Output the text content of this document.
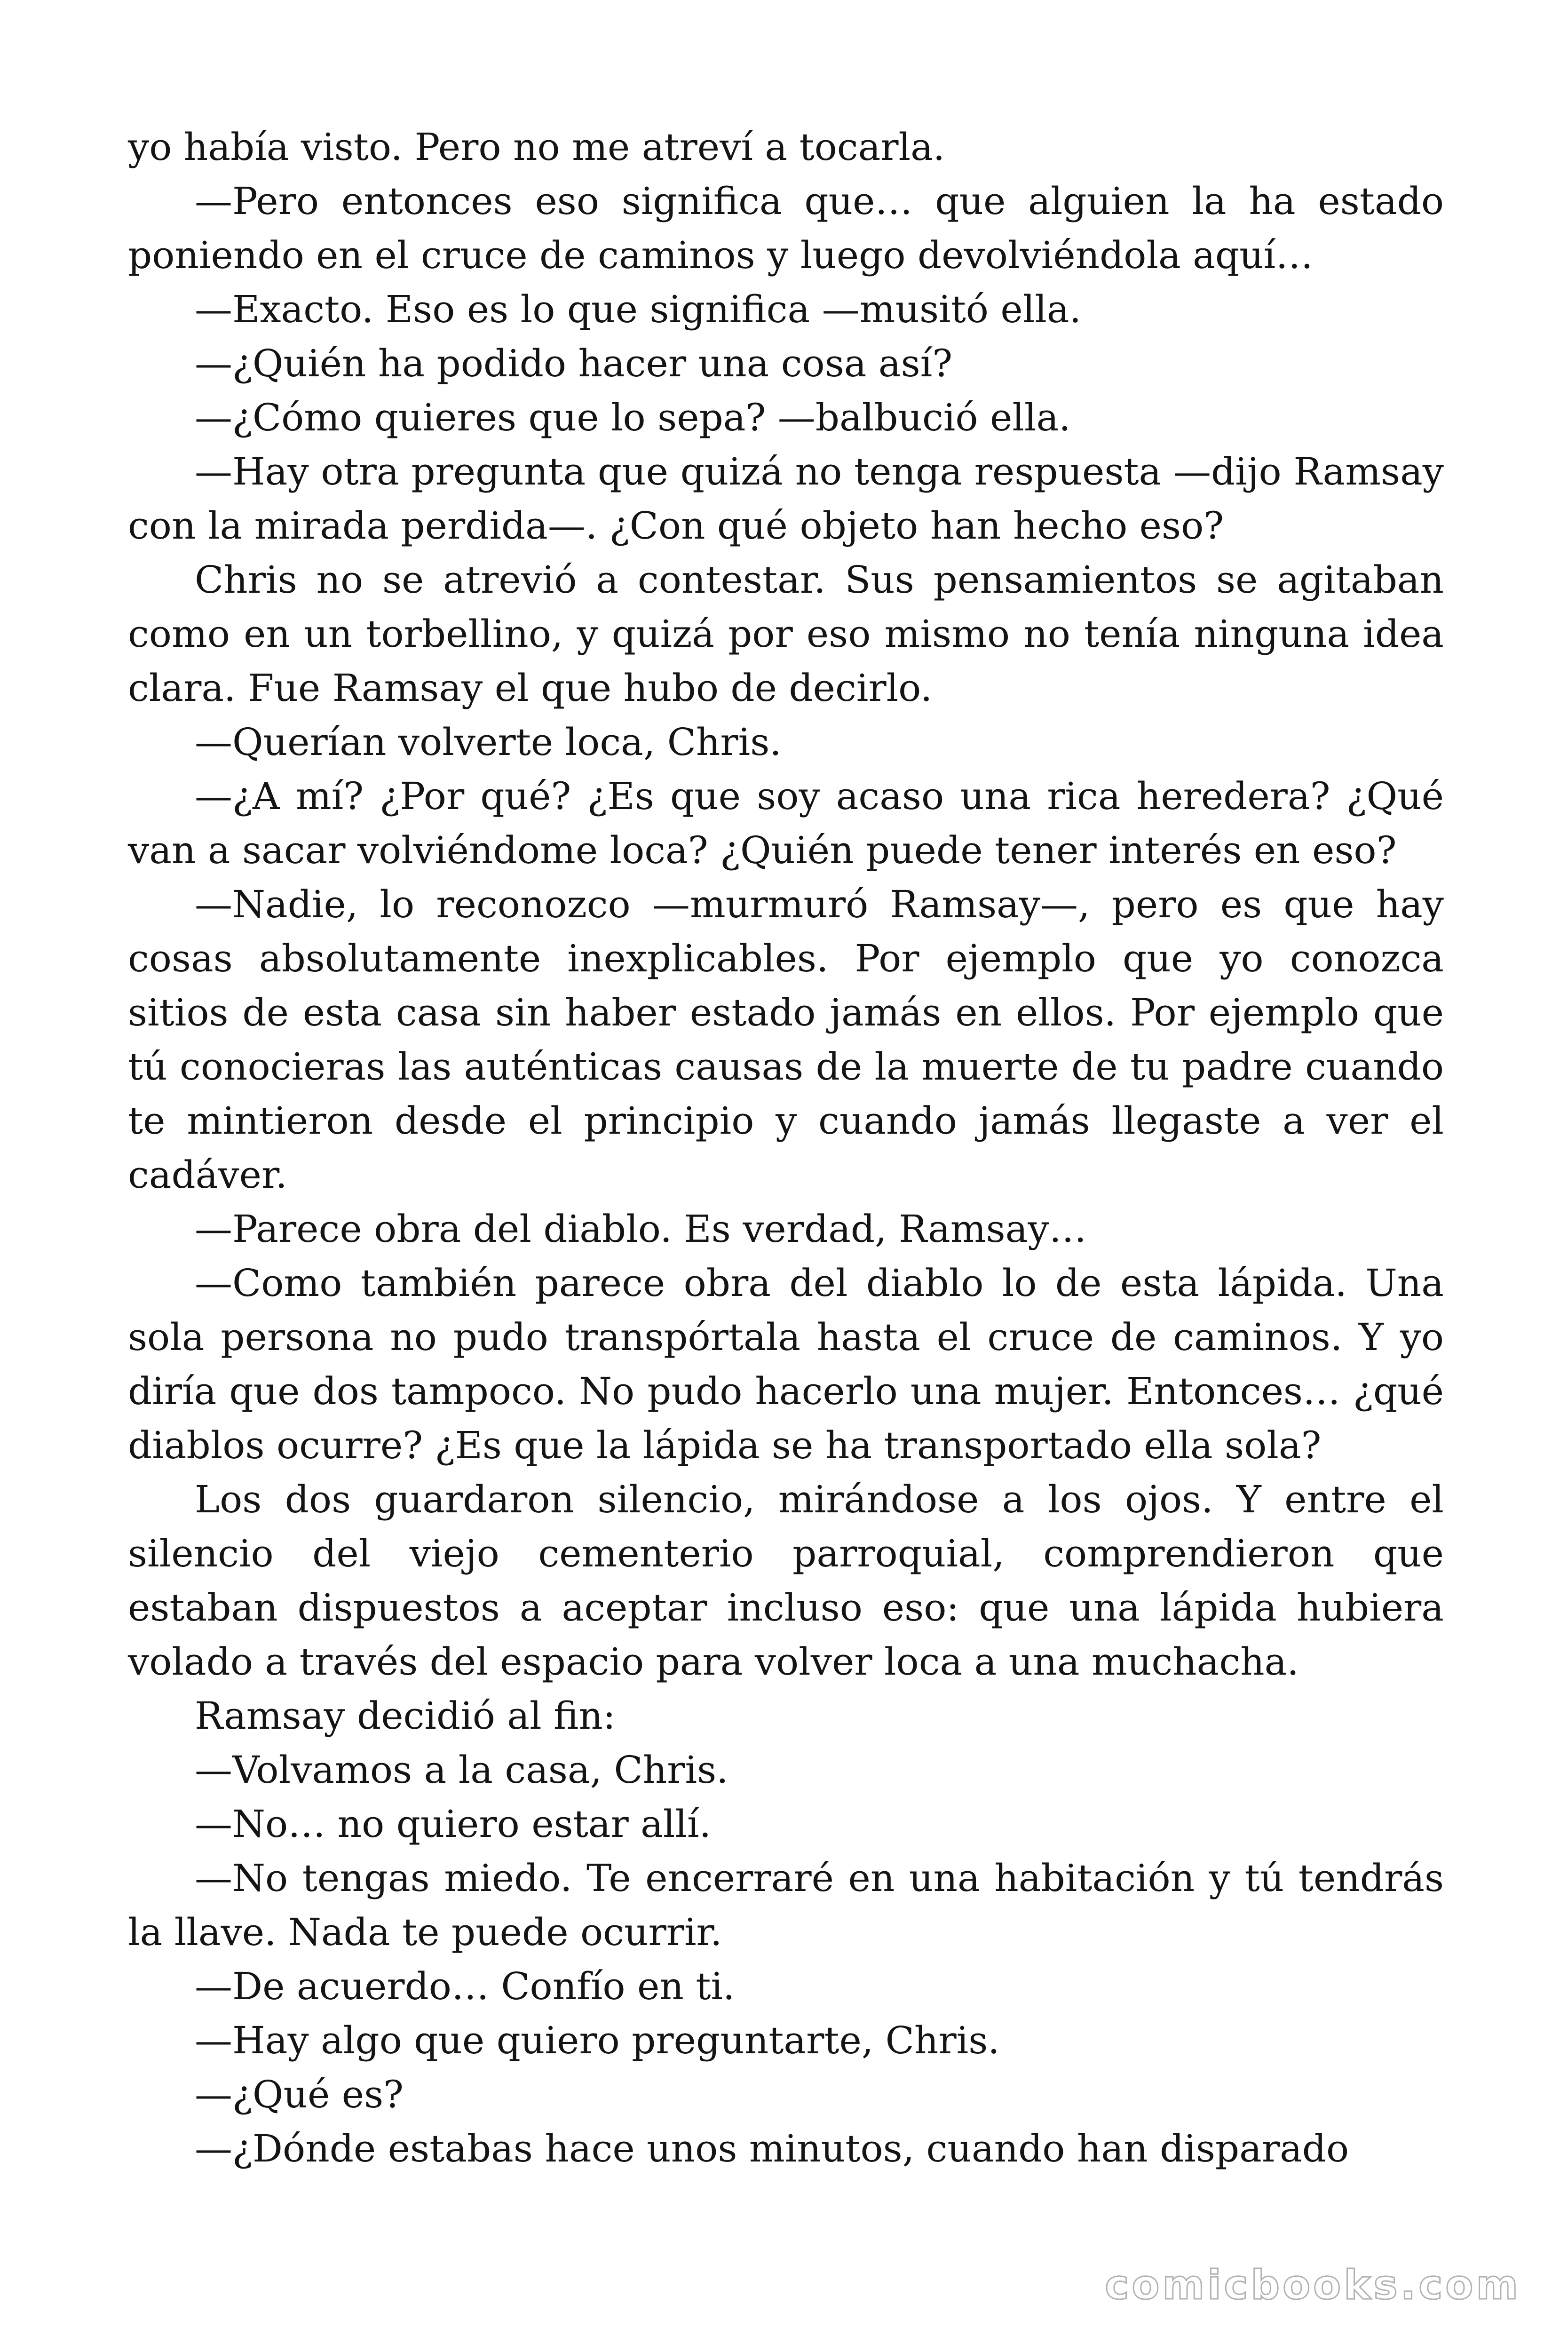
yo había visto. Pero no me atreví a tocarla.

—Pero entonces eso significa que… que alguien la ha estado poniendo en el cruce de caminos y luego devolviéndola aquí…

—Exacto. Eso es lo que significa —musitó ella.

—¿Quién ha podido hacer una cosa así?

—¿Cómo quieres que lo sepa? —balbució ella.

—Hay otra pregunta que quizá no tenga respuesta —dijo Ramsay con la mirada perdida—. ¿Con qué objeto han hecho eso?

Chris no se atrevió a contestar. Sus pensamientos se agitaban como en un torbellino, y quizá por eso mismo no tenía ninguna idea clara. Fue Ramsay el que hubo de decirlo.

—Querían volverte loca, Chris.

—¿A mí? ¿Por qué? ¿Es que soy acaso una rica heredera? ¿Qué van a sacar volviéndome loca? ¿Quién puede tener interés en eso?

—Nadie, lo reconozco —murmuró Ramsay—, pero es que hay cosas absolutamente inexplicables. Por ejemplo que yo conozca sitios de esta casa sin haber estado jamás en ellos. Por ejemplo que tú conocieras las auténticas causas de la muerte de tu padre cuando te mintieron desde el principio y cuando jamás llegaste a ver el cadáver.

—Parece obra del diablo. Es verdad, Ramsay…

—Como también parece obra del diablo lo de esta lápida. Una sola persona no pudo transpórtala hasta el cruce de caminos. Y yo diría que dos tampoco. No pudo hacerlo una mujer. Entonces… ¿qué diablos ocurre? ¿Es que la lápida se ha transportado ella sola?

Los dos guardaron silencio, mirándose a los ojos. Y entre el silencio del viejo cementerio parroquial, comprendieron que estaban dispuestos a aceptar incluso eso: que una lápida hubiera volado a través del espacio para volver loca a una muchacha.

Ramsay decidió al fin:

—Volvamos a la casa, Chris.

—No… no quiero estar allí.

—No tengas miedo. Te encerraré en una habitación y tú tendrás la llave. Nada te puede ocurrir.

—De acuerdo… Confío en ti.

—Hay algo que quiero preguntarte, Chris.

—¿Qué es?

—¿Dónde estabas hace unos minutos, cuando han disparado

comicbooks.com
